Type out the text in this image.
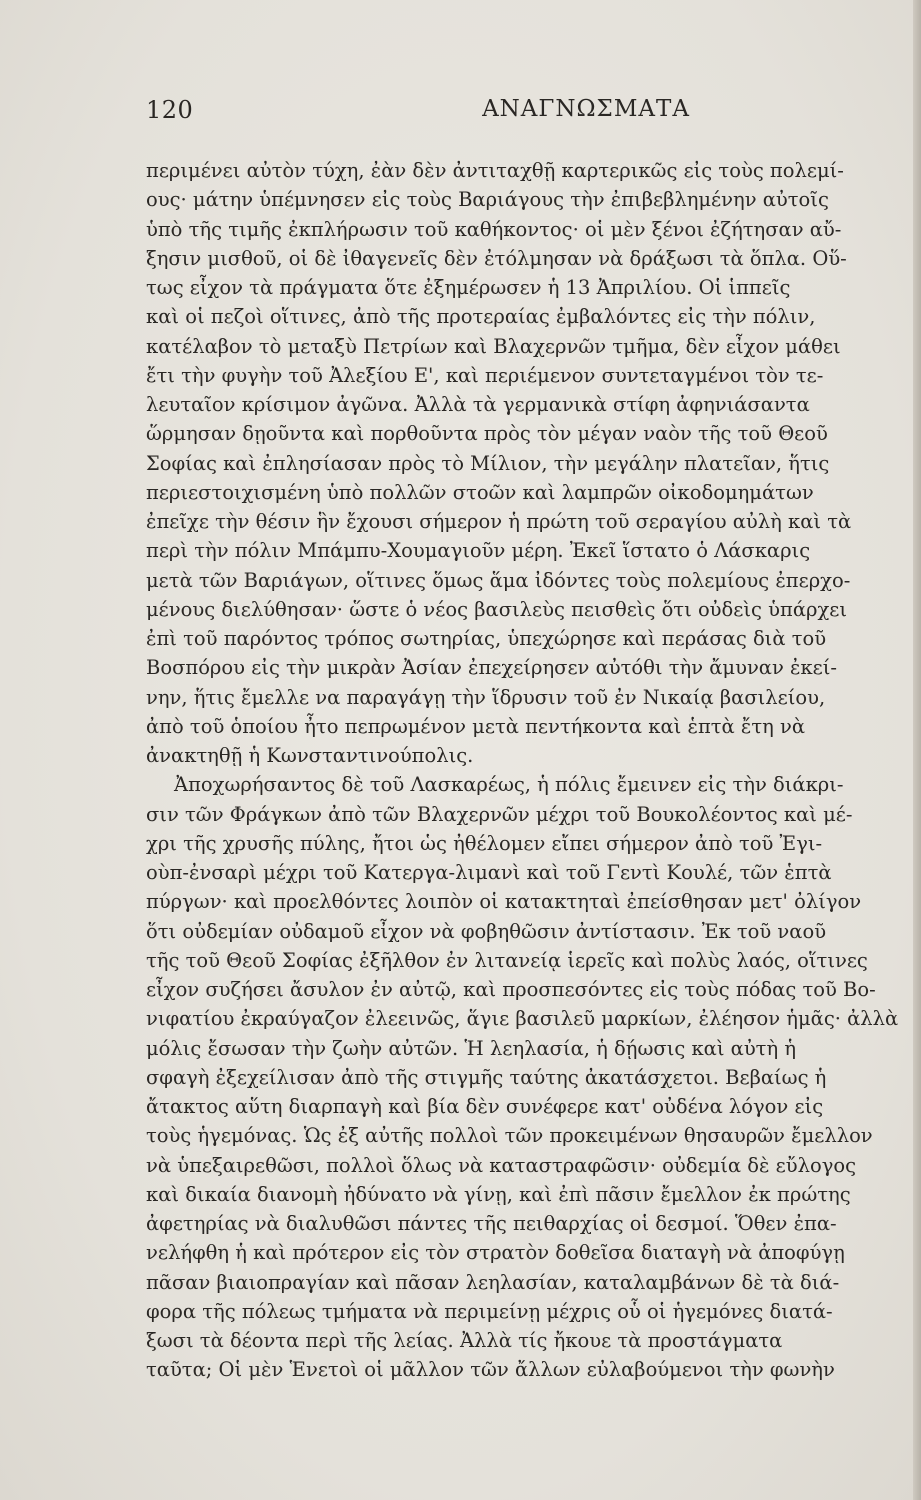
120	ΑΝΑΓΝΩΣΜΑΤΑ
περιμένει αὐτὸν τύχη, ἐὰν δὲν ἀντιταχθῇ καρτερικῶς εἰς τοὺς πολεμί-
ους· μάτην ὑπέμνησεν εἰς τοὺς Βαριάγους τὴν ἐπιβεβλημένην αὐτοῖς
ὑπὸ τῆς τιμῆς ἐκπλήρωσιν τοῦ καθήκοντος· οἱ μὲν ξένοι ἐζήτησαν αὔ-
ξησιν μισθοῦ, οἱ δὲ ἰθαγενεῖς δὲν ἐτόλμησαν νὰ δράξωσι τὰ ὅπλα. Οὕ-
τως εἶχον τὰ πράγματα ὅτε ἐξημέρωσεν ἡ 13 Ἀπριλίου. Οἱ ἱππεῖς
καὶ οἱ πεζοὶ οἵτινες, ἀπὸ τῆς προτεραίας ἐμβαλόντες εἰς τὴν πόλιν,
κατέλαβον τὸ μεταξὺ Πετρίων καὶ Βλαχερνῶν τμῆμα, δὲν εἶχον μάθει
ἔτι τὴν φυγὴν τοῦ Ἀλεξίου Ε', καὶ περιέμενον συντεταγμένοι τὸν τε-
λευταῖον κρίσιμον ἀγῶνα. Ἀλλὰ τὰ γερμανικὰ στίφη ἀφηνιάσαντα
ὥρμησαν δῃοῦντα καὶ πορθοῦντα πρὸς τὸν μέγαν ναὸν τῆς τοῦ Θεοῦ
Σοφίας καὶ ἐπλησίασαν πρὸς τὸ Μίλιον, τὴν μεγάλην πλατεῖαν, ἥτις
περιεστοιχισμένη ὑπὸ πολλῶν στοῶν καὶ λαμπρῶν οἰκοδομημάτων
ἐπεῖχε τὴν θέσιν ἣν ἔχουσι σήμερον ἡ πρώτη τοῦ σεραγίου αὐλὴ καὶ τὰ
περὶ τὴν πόλιν Μπάμπυ-Χουμαγιοῦν μέρη. Ἐκεῖ ἵστατο ὁ Λάσκαρις
μετὰ τῶν Βαριάγων, οἵτινες ὅμως ἅμα ἰδόντες τοὺς πολεμίους ἐπερχο-
μένους διελύθησαν· ὥστε ὁ νέος βασιλεὺς πεισθεὶς ὅτι οὐδεὶς ὑπάρχει
ἐπὶ τοῦ παρόντος τρόπος σωτηρίας, ὑπεχώρησε καὶ περάσας διὰ τοῦ
Βοσπόρου εἰς τὴν μικρὰν Ἀσίαν ἐπεχείρησεν αὐτόθι τὴν ἄμυναν ἐκεί-
νην, ἥτις ἔμελλε να παραγάγῃ τὴν ἵδρυσιν τοῦ ἐν Νικαίᾳ βασιλείου,
ἀπὸ τοῦ ὁποίου ἦτο πεπρωμένον μετὰ πεντήκοντα καὶ ἑπτὰ ἔτη νὰ
ἀνακτηθῇ ἡ Κωνσταντινούπολις.
Ἀποχωρήσαντος δὲ τοῦ Λασκαρέως, ἡ πόλις ἔμεινεν εἰς τὴν διάκρι-
σιν τῶν Φράγκων ἀπὸ τῶν Βλαχερνῶν μέχρι τοῦ Βουκολέοντος καὶ μέ-
χρι τῆς χρυσῆς πύλης, ἤτοι ὡς ἠθέλομεν εἴπει σήμερον ἀπὸ τοῦ Ἐγι-
οὺπ-ἐνσαρὶ μέχρι τοῦ Κατεργα-λιμανὶ καὶ τοῦ Γεντὶ Κουλέ, τῶν ἑπτὰ
πύργων· καὶ προελθόντες λοιπὸν οἱ κατακτηταὶ ἐπείσθησαν μετ' ὀλίγον
ὅτι οὐδεμίαν οὐδαμοῦ εἶχον νὰ φοβηθῶσιν ἀντίστασιν. Ἐκ τοῦ ναοῦ
τῆς τοῦ Θεοῦ Σοφίας ἐξῆλθον ἐν λιτανείᾳ ἱερεῖς καὶ πολὺς λαός, οἵτινες
εἶχον συζήσει ἄσυλον ἐν αὐτῷ, καὶ προσπεσόντες εἰς τοὺς πόδας τοῦ Βο-
νιφατίου ἐκραύγαζον ἐλεεινῶς, ἅγιε βασιλεῦ μαρκίων, ἐλέησον ἡμᾶς· ἀλλὰ
μόλις ἔσωσαν τὴν ζωὴν αὐτῶν. Ἡ λεηλασία, ἡ δῄωσις καὶ αὐτὴ ἡ
σφαγὴ ἐξεχείλισαν ἀπὸ τῆς στιγμῆς ταύτης ἀκατάσχετοι. Βεβαίως ἡ
ἄτακτος αὕτη διαρπαγὴ καὶ βία δὲν συνέφερε κατ' οὐδένα λόγον εἰς
τοὺς ἡγεμόνας. Ὡς ἐξ αὐτῆς πολλοὶ τῶν προκειμένων θησαυρῶν ἔμελλον
νὰ ὑπεξαιρεθῶσι, πολλοὶ ὅλως νὰ καταστραφῶσιν· οὐδεμία δὲ εὔλογος
καὶ δικαία διανομὴ ἠδύνατο νὰ γίνῃ, καὶ ἐπὶ πᾶσιν ἔμελλον ἐκ πρώτης
ἀφετηρίας νὰ διαλυθῶσι πάντες τῆς πειθαρχίας οἱ δεσμοί. Ὅθεν ἐπα-
νελήφθη ἡ καὶ πρότερον εἰς τὸν στρατὸν δοθεῖσα διαταγὴ νὰ ἀποφύγῃ
πᾶσαν βιαιοπραγίαν καὶ πᾶσαν λεηλασίαν, καταλαμβάνων δὲ τὰ διά-
φορα τῆς πόλεως τμήματα νὰ περιμείνῃ μέχρις οὗ οἱ ἡγεμόνες διατά-
ξωσι τὰ δέοντα περὶ τῆς λείας. Ἀλλὰ τίς ἤκουε τὰ προστάγματα
ταῦτα; Οἱ μὲν Ἑνετοὶ οἱ μᾶλλον τῶν ἄλλων εὐλαβούμενοι τὴν φωνὴν
